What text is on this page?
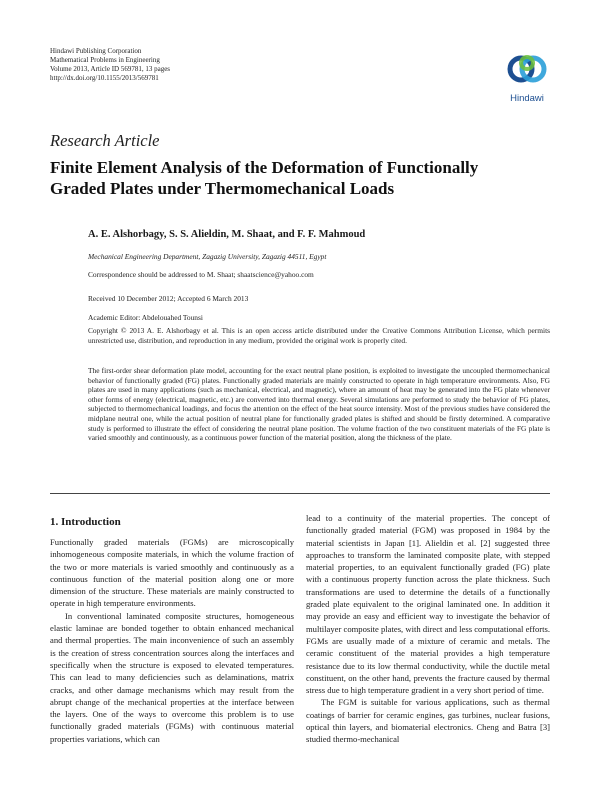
Hindawi Publishing Corporation
Mathematical Problems in Engineering
Volume 2013, Article ID 569781, 13 pages
http://dx.doi.org/10.1155/2013/569781
Hindawi
Research Article
Finite Element Analysis of the Deformation of Functionally
Graded Plates under Thermomechanical Loads
A. E. Alshorbagy, S. S. Alieldin, M. Shaat, and F. F. Mahmoud
Mechanical Engineering Department, Zagazig University, Zagazig 44511, Egypt
Correspondence should be addressed to M. Shaat; shaatscience@yahoo.com
Received 10 December 2012; Accepted 6 March 2013
Academic Editor: Abdelouahed Tounsi
Copyright © 2013 A. E. Alshorbagy et al. This is an open access article distributed under the Creative Commons Attribution License, which permits unrestricted use, distribution, and reproduction in any medium, provided the original work is properly cited.
The first-order shear deformation plate model, accounting for the exact neutral plane position, is exploited to investigate the uncoupled thermomechanical behavior of functionally graded (FG) plates. Functionally graded materials are mainly constructed to operate in high temperature environments. Also, FG plates are used in many applications (such as mechanical, electrical, and magnetic), where an amount of heat may be generated into the FG plate whenever other forms of energy (electrical, magnetic, etc.) are converted into thermal energy. Several simulations are performed to study the behavior of FG plates, subjected to thermomechanical loadings, and focus the attention on the effect of the heat source intensity. Most of the previous studies have considered the midplane neutral one, while the actual position of neutral plane for functionally graded plates is shifted and should be firstly determined. A comparative study is performed to illustrate the effect of considering the neutral plane position. The volume fraction of the two constituent materials of the FG plate is varied smoothly and continuously, as a continuous power function of the material position, along the thickness of the plate.
1. Introduction

Functionally graded materials (FGMs) are microscopically inhomogeneous composite materials, in which the volume fraction of the two or more materials is varied smoothly and continuously as a continuous function of the material position along one or more dimension of the structure. These materials are mainly constructed to operate in high temperature environments.

In conventional laminated composite structures, homogeneous elastic laminae are bonded together to obtain enhanced mechanical and thermal properties. The main inconvenience of such an assembly is the creation of stress concentration sources along the interfaces and specifically when the structure is exposed to elevated temperatures. This can lead to many deficiencies such as delaminations, matrix cracks, and other damage mechanisms which may result from the abrupt change of the mechanical properties at the interface between the layers. One of the ways to overcome this problem is to use functionally graded materials (FGMs) with continuous material properties variations, which can

lead to a continuity of the material properties. The concept of functionally graded material (FGM) was proposed in 1984 by the material scientists in Japan [1]. Alieldin et al. [2] suggested three approaches to transform the laminated composite plate, with stepped material properties, to an equivalent functionally graded (FG) plate with a continuous property function across the plate thickness. Such transformations are used to determine the details of a functionally graded plate equivalent to the original laminated one. In addition it may provide an easy and efficient way to investigate the behavior of multilayer composite plates, with direct and less computational efforts. FGMs are usually made of a mixture of ceramic and metals. The ceramic constituent of the material provides a high temperature resistance due to its low thermal conductivity, while the ductile metal constituent, on the other hand, prevents the fracture caused by thermal stress due to high temperature gradient in a very short period of time.

The FGM is suitable for various applications, such as thermal coatings of barrier for ceramic engines, gas turbines, nuclear fusions, optical thin layers, and biomaterial electronics. Cheng and Batra [3] studied thermo-mechanical
